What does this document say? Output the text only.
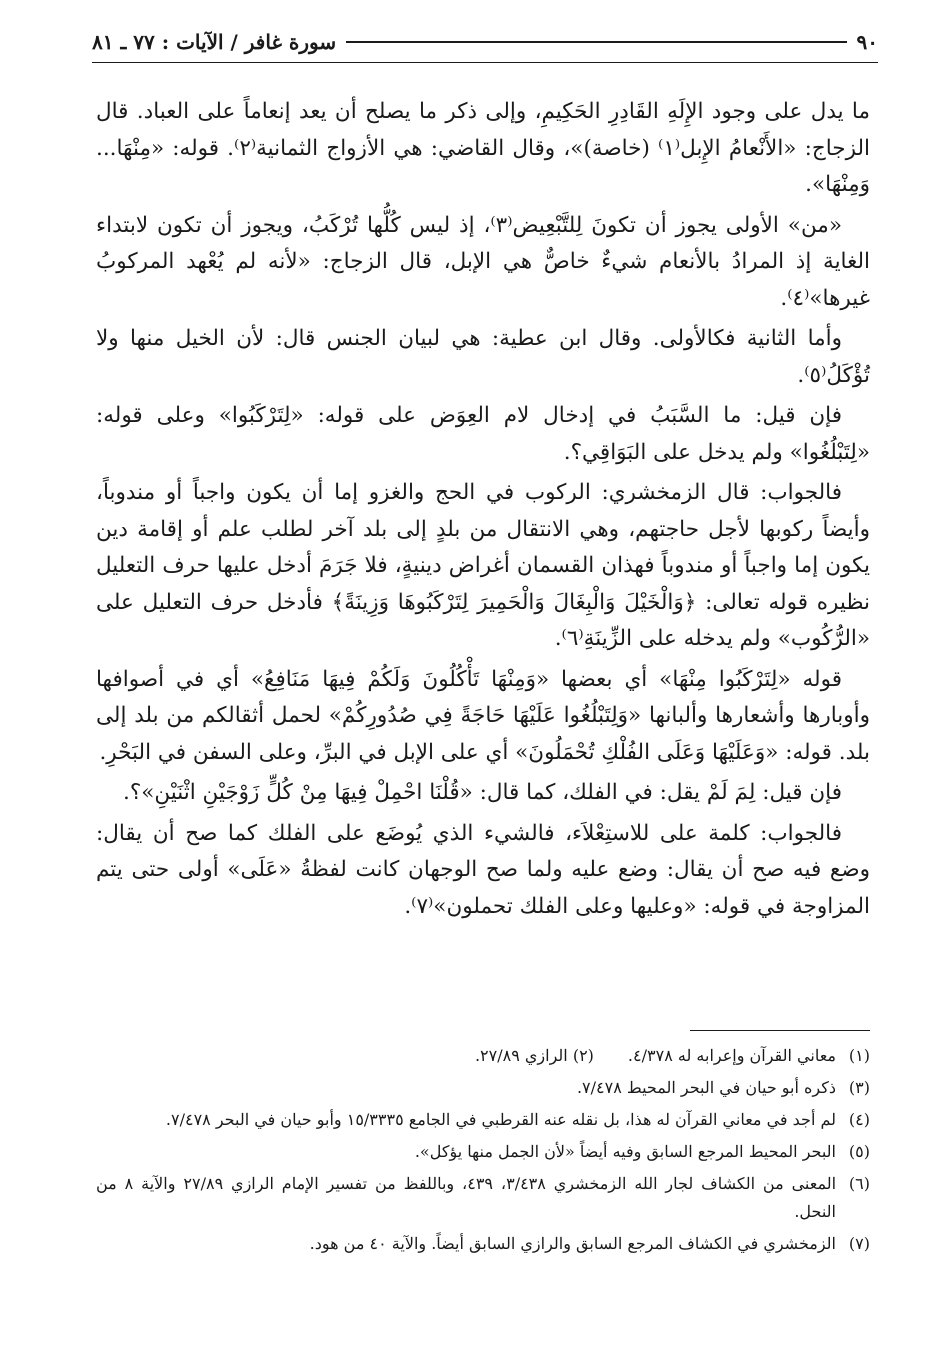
٩٠
سورة غافر / الآيات : ٧٧ ـ ٨١

ما يدل على وجود الإِلَهِ القَادِرِ الحَكِيمِ، وإلى ذكر ما يصلح أن يعد إنعاماً على العباد. قال الزجاج: «الأَنْعامُ الإِبل⁽١⁾ (خاصة)»، وقال القاضي: هي الأزواج الثمانية⁽٢⁾. قوله: «مِنْهَا... وَمِنْهَا».

«من» الأولى يجوز أن تكونَ لِلتَّبْعِيض⁽٣⁾، إذ ليس كُلُّها تُرْكَبُ، ويجوز أن تكون لابتداء الغاية إذ المرادُ بالأنعام شيءٌ خاصٌّ هي الإبل، قال الزجاج: «لأنه لم يُعْهد المركوبُ غيرها»⁽٤⁾.

وأما الثانية فكالأولى. وقال ابن عطية: هي لبيان الجنس قال: لأن الخيل منها ولا تُؤْكَلُ⁽٥⁾.

فإن قيل: ما السَّبَبُ في إدخال لام العِوَض على قوله: «لِتَرْكَبُوا» وعلى قوله: «لِتَبْلُغُوا» ولم يدخل على البَوَاقِي؟.

فالجواب: قال الزمخشري: الركوب في الحج والغزو إما أن يكون واجباً أو مندوباً، وأيضاً ركوبها لأجل حاجتهم، وهي الانتقال من بلدٍ إلى بلد آخر لطلب علم أو إقامة دين يكون إما واجباً أو مندوباً فهذان القسمان أغراض دينيةٍ، فلا جَرَمَ أدخل عليها حرف التعليل نظيره قوله تعالى: ﴿وَالْخَيْلَ وَالْبِغَالَ وَالْحَمِيرَ لِتَرْكَبُوهَا وَزِينَةً﴾ فأدخل حرف التعليل على «الرُّكُوب» ولم يدخله على الزِّينَةِ⁽٦⁾.

قوله «لِتَرْكَبُوا مِنْهَا» أي بعضها «وَمِنْهَا تَأْكُلُونَ وَلَكُمْ فِيهَا مَنَافِعُ» أي في أصوافها وأوبارها وأشعارها وألبانها «وَلِتَبْلُغُوا عَلَيْهَا حَاجَةً فِي صُدُورِكُمْ» لحمل أثقالكم من بلد إلى بلد. قوله: «وَعَلَيْهَا وَعَلَى الفُلْكِ تُحْمَلُونَ» أي على الإبل في البرِّ، وعلى السفن في البَحْرِ.

فإن قيل: لِمَ لَمْ يقل: في الفلك، كما قال: «قُلْنَا احْمِلْ فِيهَا مِنْ كُلٍّ زَوْجَيْنِ اثْنَيْنِ»؟.

فالجواب: كلمة على للاستِعْلاَء، فالشيء الذي يُوضَع على الفلك كما صح أن يقال: وضع فيه صح أن يقال: وضع عليه ولما صح الوجهان كانت لفظةُ «عَلَى» أولى حتى يتم المزاوجة في قوله: «وعليها وعلى الفلك تحملون»⁽٧⁾.

(١)
معاني القرآن وإعرابه له ٤/٣٧٨.(٢) الرازي ٢٧/٨٩.
(٣)
ذكره أبو حيان في البحر المحيط ٧/٤٧٨.
(٤)
لم أجد في معاني القرآن له هذا، بل نقله عنه القرطبي في الجامع ١٥/٣٣٣٥ وأبو حيان في البحر ٧/٤٧٨.
(٥)
البحر المحيط المرجع السابق وفيه أيضاً «لأن الجمل منها يؤكل».
(٦)
المعنى من الكشاف لجار الله الزمخشري ٣/٤٣٨، ٤٣٩، وباللفظ من تفسير الإمام الرازي ٢٧/٨٩ والآية ٨ من النحل.
(٧)
الزمخشري في الكشاف المرجع السابق والرازي السابق أيضاً. والآية ٤٠ من هود.
